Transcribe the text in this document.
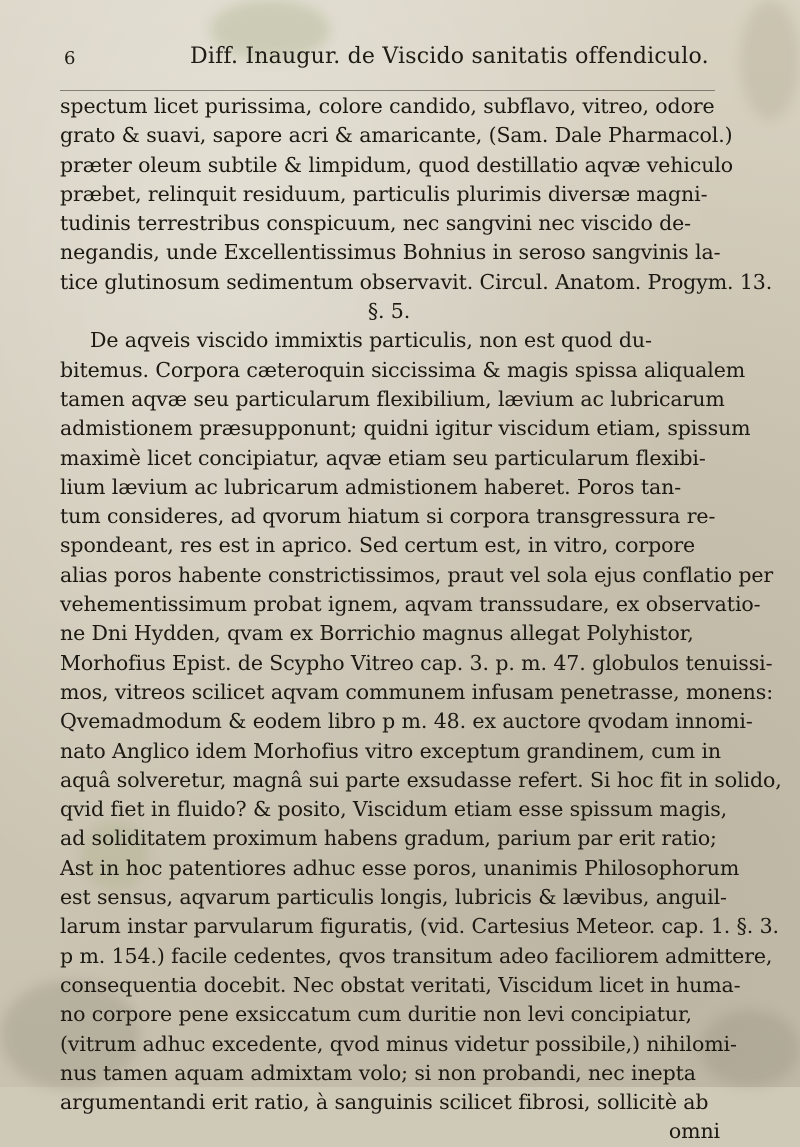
6	Diff. Inaugur. de Viscido sanitatis offendiculo.
spectum licet purissima, colore candido, subflavo, vitreo, odore
grato & suavi, sapore acri & amaricante, (Sam. Dale Pharmacol.)
præter oleum subtile & limpidum, quod destillatio aqvæ vehiculo
præbet, relinquit residuum, particulis plurimis diversæ magni-
tudinis terrestribus conspicuum, nec sangvini nec viscido de-
negandis, unde Excellentissimus Bohnius in seroso sangvinis la-
tice glutinosum sedimentum observavit. Circul. Anatom. Progym. 13.
§. 5.
De aqveis viscido immixtis particulis, non est quod du-
bitemus. Corpora cæteroquin siccissima & magis spissa aliqualem
tamen aqvæ seu particularum flexibilium, lævium ac lubricarum
admistionem præsupponunt; quidni igitur viscidum etiam, spissum
maximè licet concipiatur, aqvæ etiam seu particularum flexibi-
lium lævium ac lubricarum admistionem haberet. Poros tan-
tum consideres, ad qvorum hiatum si corpora transgressura re-
spondeant, res est in aprico. Sed certum est, in vitro, corpore
alias poros habente constrictissimos, praut vel sola ejus conflatio per
vehementissimum probat ignem, aqvam transsudare, ex observatio-
ne Dni Hydden, qvam ex Borrichio magnus allegat Polyhistor,
Morhofius Epist. de Scypho Vitreo cap. 3. p. m. 47. globulos tenuissi-
mos, vitreos scilicet aqvam communem infusam penetrasse, monens:
Qvemadmodum & eodem libro p m. 48. ex auctore qvodam innomi-
nato Anglico idem Morhofius vitro exceptum grandinem, cum in
aquâ solveretur, magnâ sui parte exsudasse refert. Si hoc fit in solido,
qvid fiet in fluido? & posito, Viscidum etiam esse spissum magis,
ad soliditatem proximum habens gradum, parium par erit ratio;
Ast in hoc patentiores adhuc esse poros, unanimis Philosophorum
est sensus, aqvarum particulis longis, lubricis & lævibus, anguil-
larum instar parvularum figuratis, (vid. Cartesius Meteor. cap. 1. §. 3.
p m. 154.) facile cedentes, qvos transitum adeo faciliorem admittere,
consequentia docebit. Nec obstat veritati, Viscidum licet in huma-
no corpore pene exsiccatum cum duritie non levi concipiatur,
(vitrum adhuc excedente, qvod minus videtur possibile,) nihilomi-
nus tamen aquam admixtam volo; si non probandi, nec inepta
argumentandi erit ratio, à sanguinis scilicet fibrosi, sollicitè ab
omni
